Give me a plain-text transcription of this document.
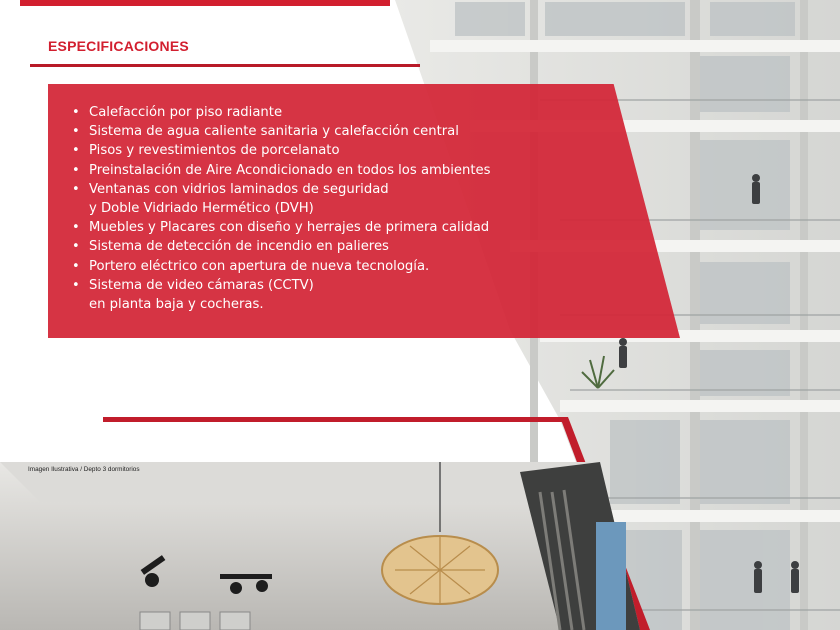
ESPECIFICACIONES
• Calefacción por piso radiante
• Sistema de agua caliente sanitaria y calefacción central
• Pisos y revestimientos de porcelanato
• Preinstalación de Aire Acondicionado en todos los ambientes
• Ventanas con vidrios laminados de seguridad
y Doble Vidriado Hermético (DVH)
• Muebles y Placares con diseño y herrajes de primera calidad
• Sistema de detección de incendio en palieres
• Portero eléctrico con apertura de nueva tecnología.
• Sistema de video cámaras (CCTV)
en planta baja y cocheras.
Imagen Ilustrativa / Depto 3 dormitorios
